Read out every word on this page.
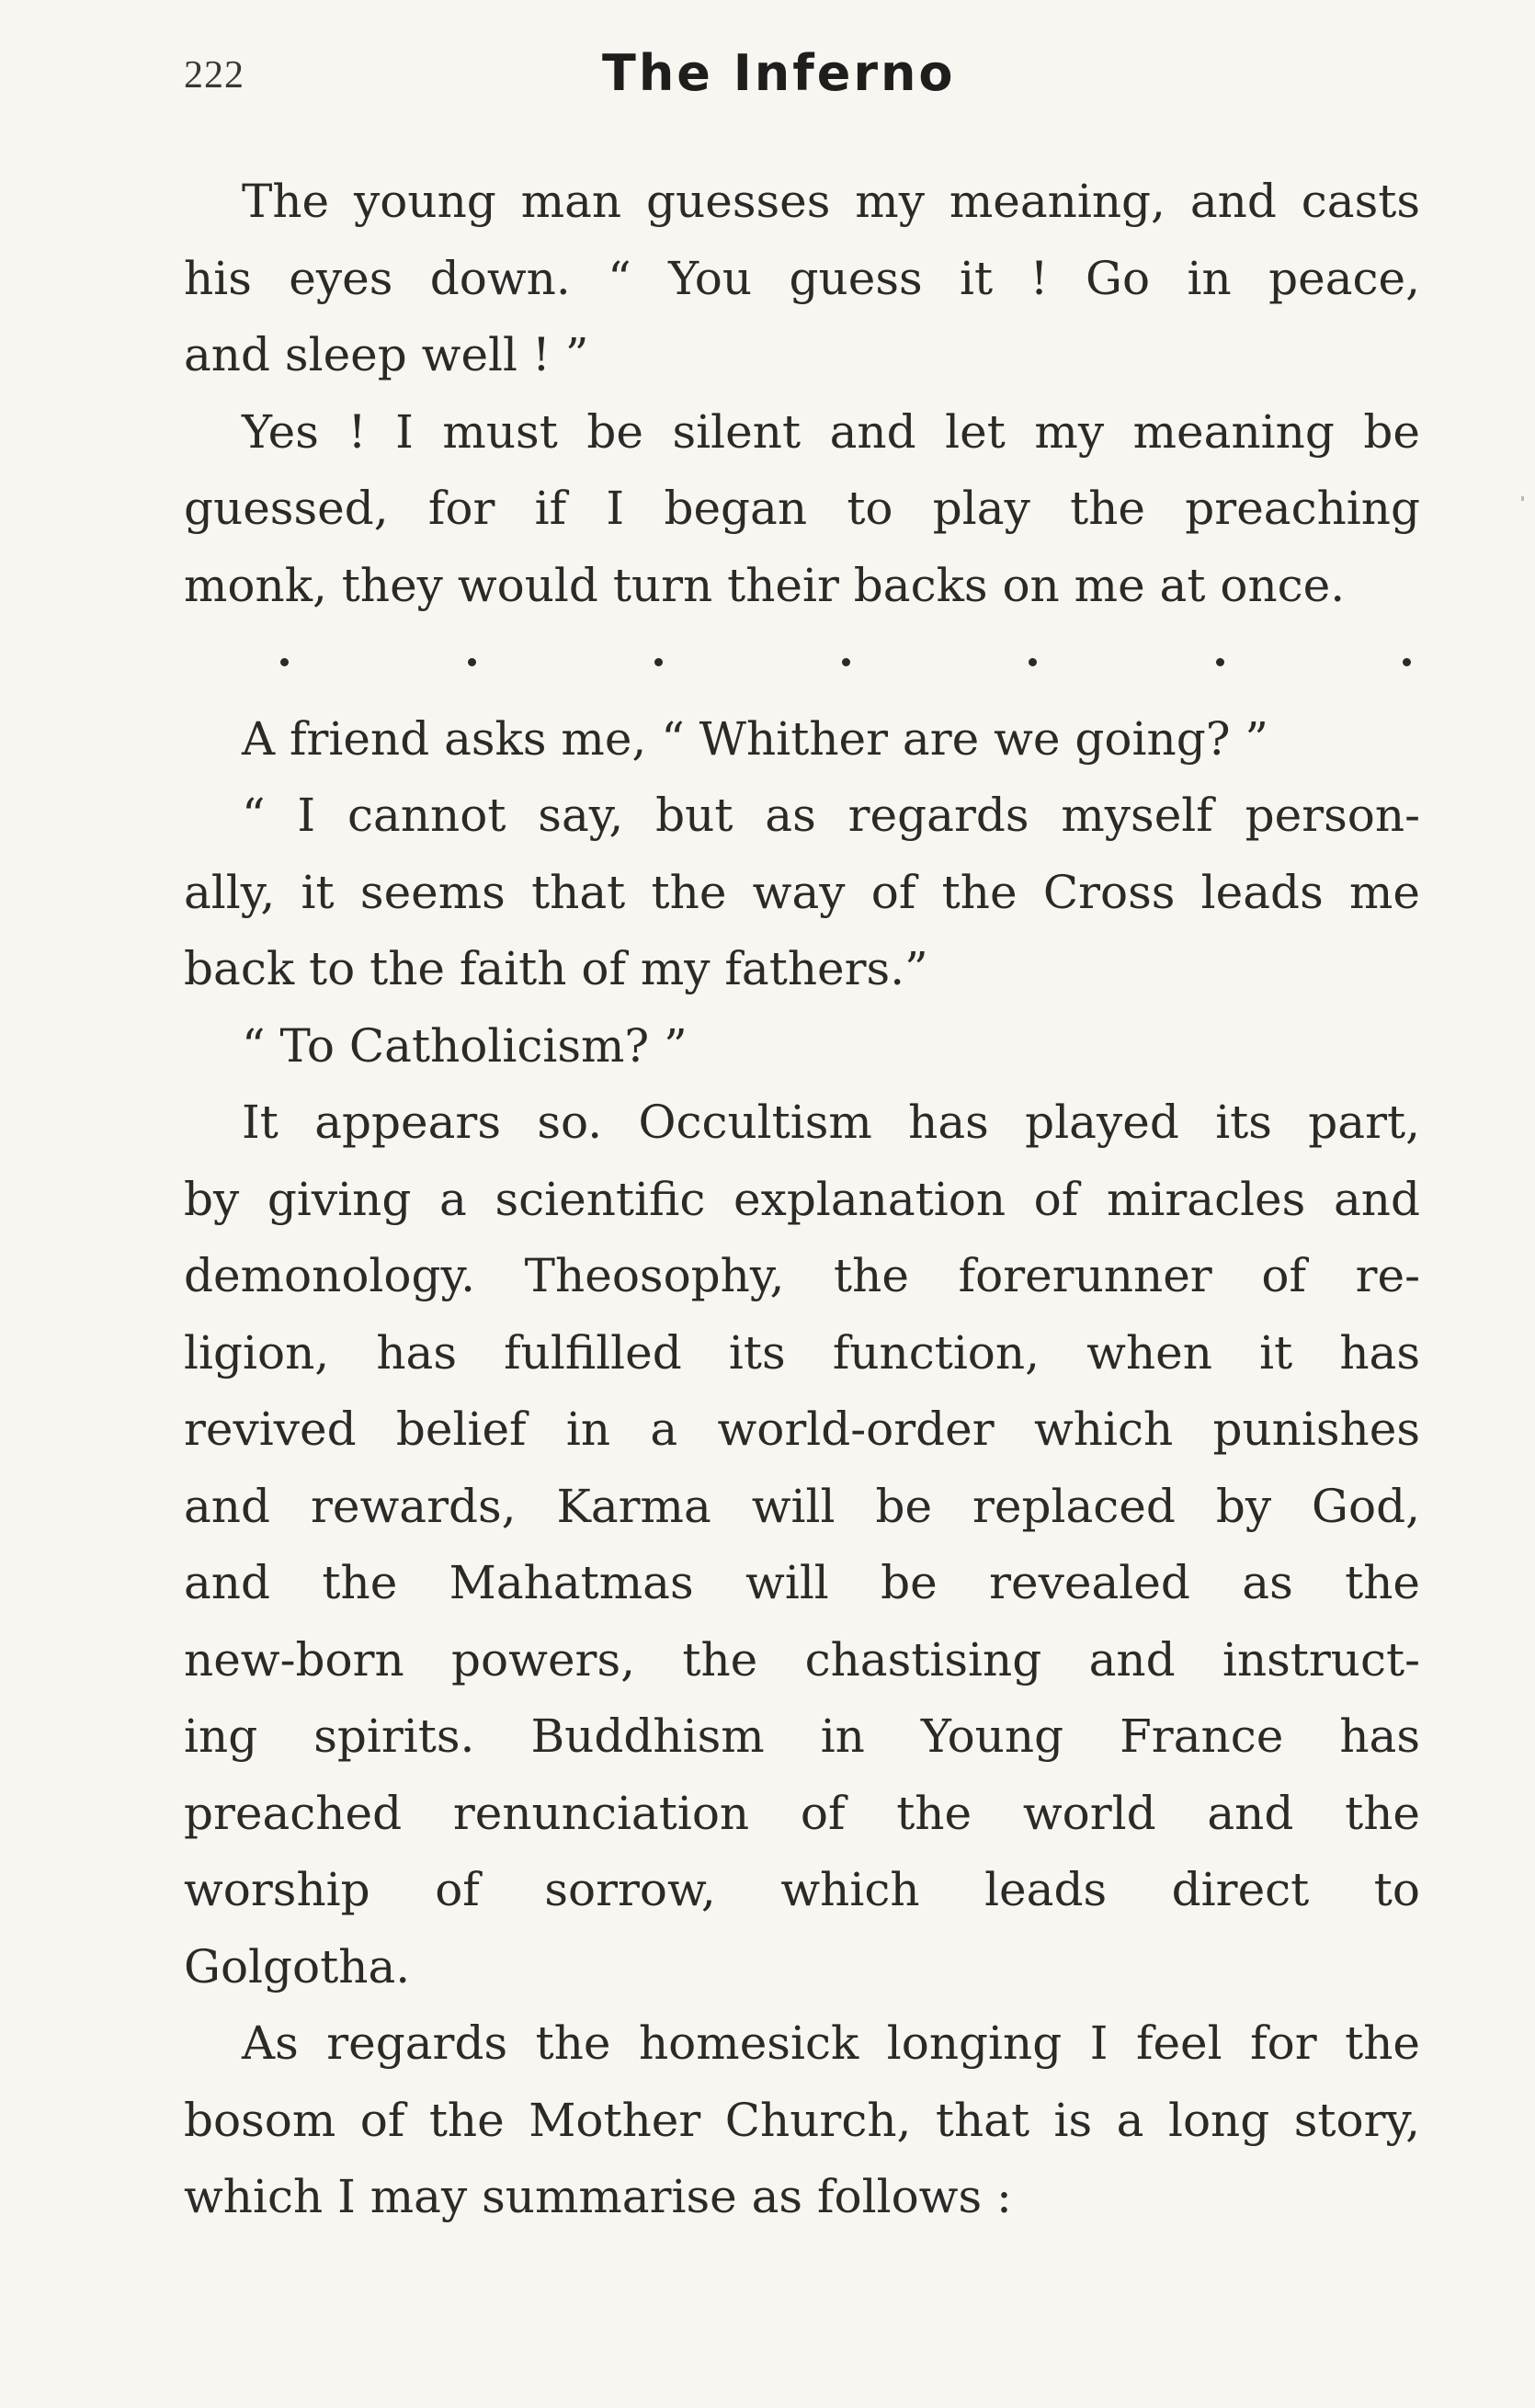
222	The Inferno
The young man guesses my meaning, and casts
his eyes down. “ You guess it ! Go in peace,
and sleep well ! ”
Yes ! I must be silent and let my meaning be
guessed, for if I began to play the preaching
monk, they would turn their backs on me at once.
A friend asks me, “ Whither are we going? ”
“ I cannot say, but as regards myself person-
ally, it seems that the way of the Cross leads me
back to the faith of my fathers.”
“ To Catholicism? ”
It appears so. Occultism has played its part,
by giving a scientific explanation of miracles and
demonology. Theosophy, the forerunner of re-
ligion, has fulfilled its function, when it has
revived belief in a world-order which punishes
and rewards, Karma will be replaced by God,
and the Mahatmas will be revealed as the
new-born powers, the chastising and instruct-
ing spirits. Buddhism in Young France has
preached renunciation of the world and the
worship of sorrow, which leads direct to
Golgotha.
As regards the homesick longing I feel for the
bosom of the Mother Church, that is a long story,
which I may summarise as follows :
